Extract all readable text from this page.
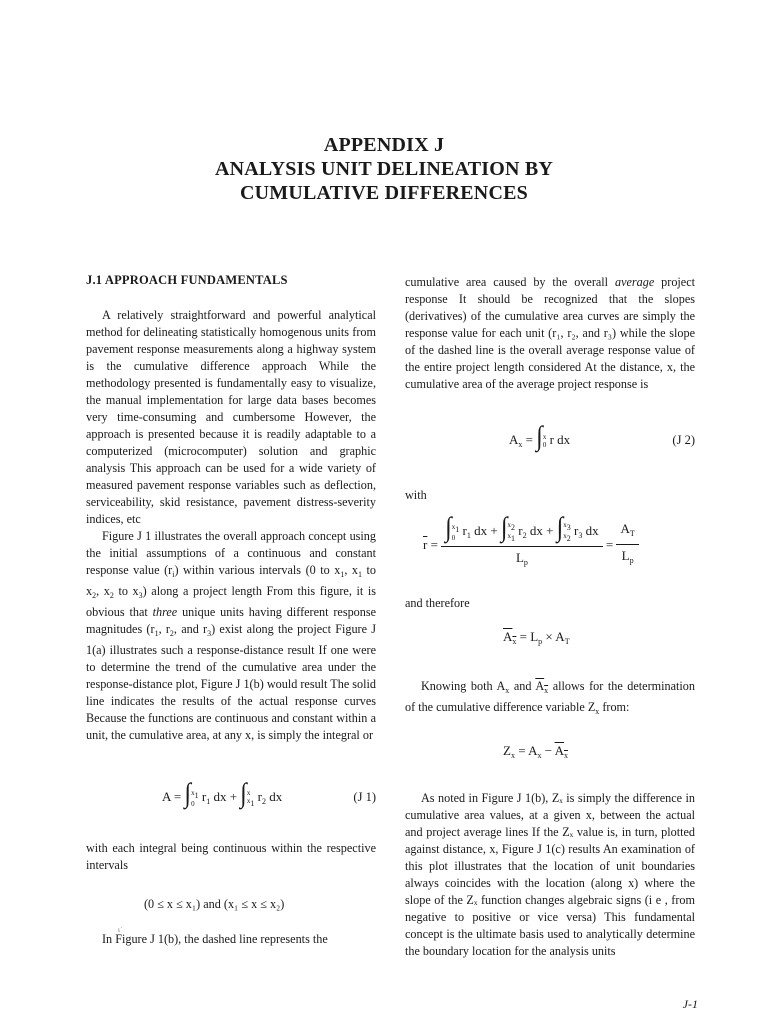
APPENDIX J
ANALYSIS UNIT DELINEATION BY
CUMULATIVE DIFFERENCES

J.1 APPROACH FUNDAMENTALS

A relatively straightforward and powerful analytical method for delineating statistically homogenous units from pavement response measurements along a highway system is the cumulative difference approach While the methodology presented is fundamentally easy to visualize, the manual implementation for large data bases becomes very time-consuming and cumbersome However, the approach is presented because it is readily adaptable to a computerized (microcomputer) solution and graphic analysis This approach can be used for a wide variety of measured pavement response variables such as deflection, serviceability, skid resistance, pavement distress-severity indices, etc

Figure J 1 illustrates the overall approach concept using the initial assumptions of a continuous and constant response value $(r_i)$ within various intervals (0 to $x_1$, $x_1$ to $x_2$, $x_2$ to $x_3$) along a project length From this figure, it is obvious that three unique units having different response magnitudes ($r_1$, $r_2$, and $r_3$) exist along the project Figure J 1(a) illustrates such a response-distance result If one were to determine the trend of the cumulative area under the response-distance plot, Figure J 1(b) would result The solid line indicates the results of the actual response curves Because the functions are continuous and constant within a unit, the cumulative area, at any x, is simply the integral or

$A = \int x_1$
0 $r_1$ dx + ∫x
$x_1$ $r_2$ dx	(J 1)

with each integral being continuous within the respective intervals

(0 ≤ x ≤ x₁) and (x₁ ≤ x ≤ x₂)

In Figure J 1(b), the dashed line represents the

cumulative area caused by the overall average project response It should be recognized that the slopes (derivatives) of the cumulative area curves are simply the response value for each unit (r₁, r₂, and r₃) while the slope of the dashed line is the overall average response value of the entire project length considered At the distance, x, the cumulative area of the average project response is

$A_x = \int x$
0 r dx	(J 2)

with

$\overline{r}$ =
$\int x_1$
0 $r_1$ dx + $\int x_2$
$x_1$ $r_2$ dx + $\int x_3$
$x_2$ $r_3$ dx
$L_p$
= $\frac{A_T}{L_p}$

and therefore

$A_x = L_p \times A_T$

Knowing both $A_x$ and $A_x$ allows for the determination of the cumulative difference variable $Z_x$ from:

$Z_x = A_x - A_x$

As noted in Figure J 1(b), Zₓ is simply the difference in cumulative area values, at a given x, between the actual and project average lines If the Zₓ value is, in turn, plotted against distance, x, Figure J 1(c) results An examination of this plot illustrates that the location of unit boundaries always coincides with the location (along x) where the slope of the Zₓ function changes algebraic signs (i e , from negative to positive or vice versa) This fundamental concept is the ultimate basis used to analytically determine the boundary location for the analysis units

ι ̇
J-1
